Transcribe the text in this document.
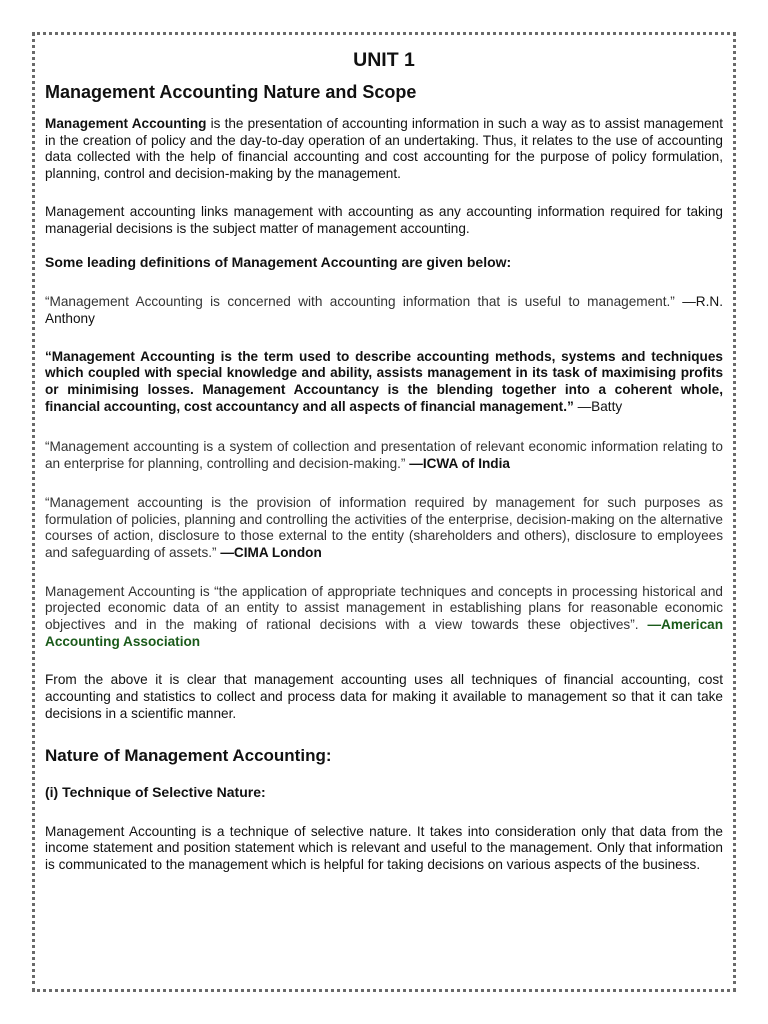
UNIT 1
Management Accounting Nature and Scope

Management Accounting is the presentation of accounting information in such a way as to assist management in the creation of policy and the day-to-day operation of an undertaking. Thus, it relates to the use of accounting data collected with the help of financial accounting and cost accounting for the purpose of policy formulation, planning, control and decision-making by the management.

Management accounting links management with accounting as any accounting information required for taking managerial decisions is the subject matter of management accounting.

Some leading definitions of Management Accounting are given below:

“Management Accounting is concerned with accounting information that is useful to management.” —R.N. Anthony

“Management Accounting is the term used to describe accounting methods, systems and techniques which coupled with special knowledge and ability, assists management in its task of maximising profits or minimising losses. Management Accountancy is the blending together into a coherent whole, financial accounting, cost accountancy and all aspects of financial management.” —Batty

“Management accounting is a system of collection and presentation of relevant economic information relating to an enterprise for planning, controlling and decision-making.” —ICWA of India

“Management accounting is the provision of information required by management for such purposes as formulation of policies, planning and controlling the activities of the enterprise, decision-making on the alternative courses of action, disclosure to those external to the entity (shareholders and others), disclosure to employees and safeguarding of assets.” —CIMA London

Management Accounting is “the application of appropriate techniques and concepts in processing historical and projected economic data of an entity to assist management in establishing plans for reasonable economic objectives and in the making of rational decisions with a view towards these objectives”. —American Accounting Association

From the above it is clear that management accounting uses all techniques of financial accounting, cost accounting and statistics to collect and process data for making it available to management so that it can take decisions in a scientific manner.

Nature of Management Accounting:
(i) Technique of Selective Nature:

Management Accounting is a technique of selective nature. It takes into consideration only that data from the income statement and position statement which is relevant and useful to the management. Only that information is communicated to the management which is helpful for taking decisions on various aspects of the business.
